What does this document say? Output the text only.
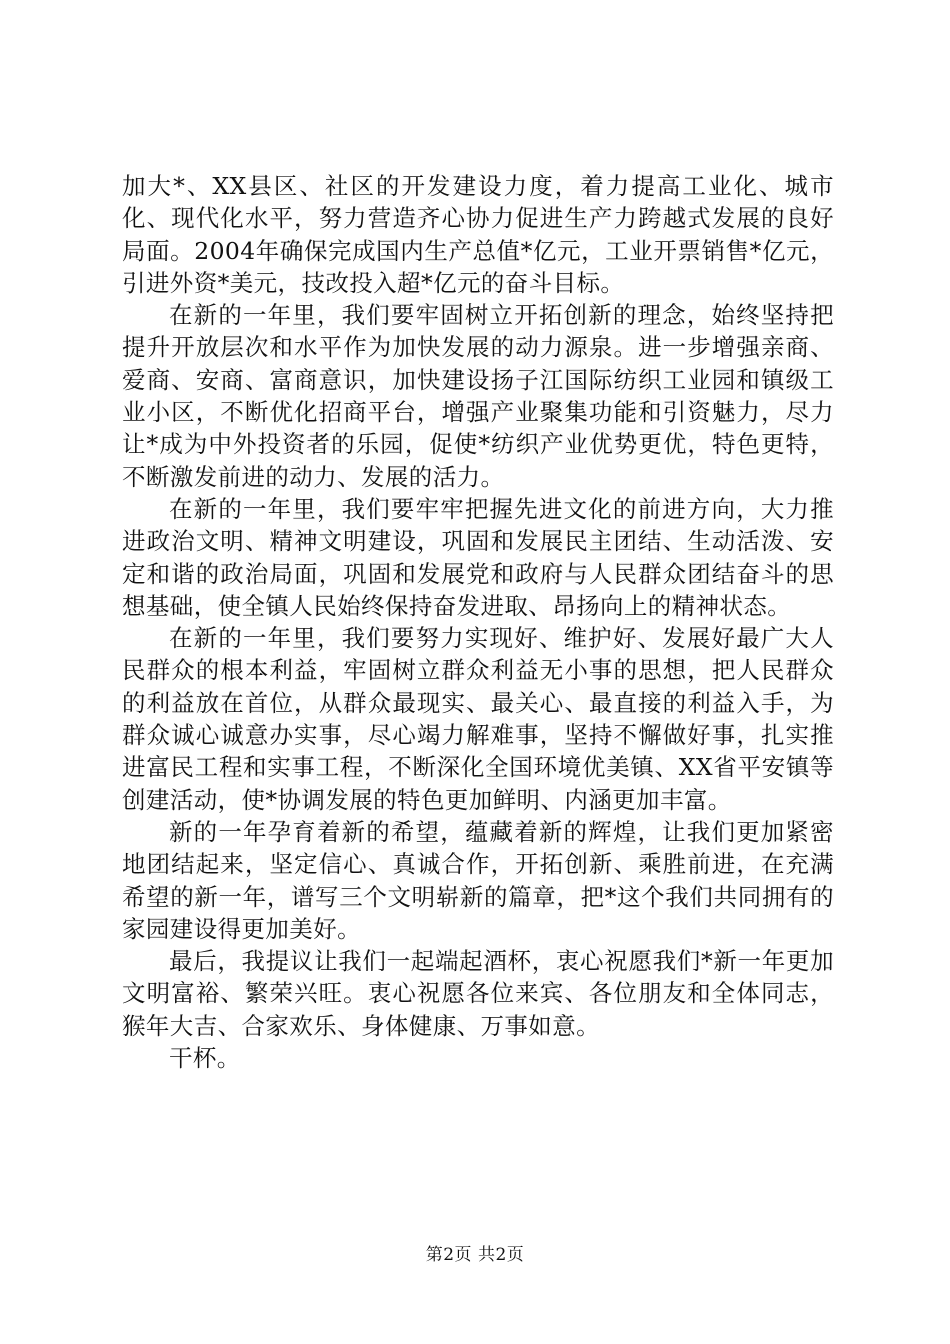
加大*、XX县区、社区的开发建设力度，着力提高工业化、城市化、现代化水平，努力营造齐心协力促进生产力跨越式发展的良好局面。2004年确保完成国内生产总值*亿元，工业开票销售*亿元，引进外资*美元，技改投入超*亿元的奋斗目标。

在新的一年里，我们要牢固树立开拓创新的理念，始终坚持把提升开放层次和水平作为加快发展的动力源泉。进一步增强亲商、爱商、安商、富商意识，加快建设扬子江国际纺织工业园和镇级工业小区，不断优化招商平台，增强产业聚集功能和引资魅力，尽力让*成为中外投资者的乐园，促使*纺织产业优势更优，特色更特，不断激发前进的动力、发展的活力。

在新的一年里，我们要牢牢把握先进文化的前进方向，大力推进政治文明、精神文明建设，巩固和发展民主团结、生动活泼、安定和谐的政治局面，巩固和发展党和政府与人民群众团结奋斗的思想基础，使全镇人民始终保持奋发进取、昂扬向上的精神状态。

在新的一年里，我们要努力实现好、维护好、发展好最广大人民群众的根本利益，牢固树立群众利益无小事的思想，把人民群众的利益放在首位，从群众最现实、最关心、最直接的利益入手，为群众诚心诚意办实事，尽心竭力解难事，坚持不懈做好事，扎实推进富民工程和实事工程，不断深化全国环境优美镇、XX省平安镇等创建活动，使*协调发展的特色更加鲜明、内涵更加丰富。

新的一年孕育着新的希望，蕴藏着新的辉煌，让我们更加紧密地团结起来，坚定信心、真诚合作，开拓创新、乘胜前进，在充满希望的新一年，谱写三个文明崭新的篇章，把*这个我们共同拥有的家园建设得更加美好。

最后，我提议让我们一起端起酒杯，衷心祝愿我们*新一年更加文明富裕、繁荣兴旺。衷心祝愿各位来宾、各位朋友和全体同志，猴年大吉、合家欢乐、身体健康、万事如意。

干杯。

第2页 共2页
